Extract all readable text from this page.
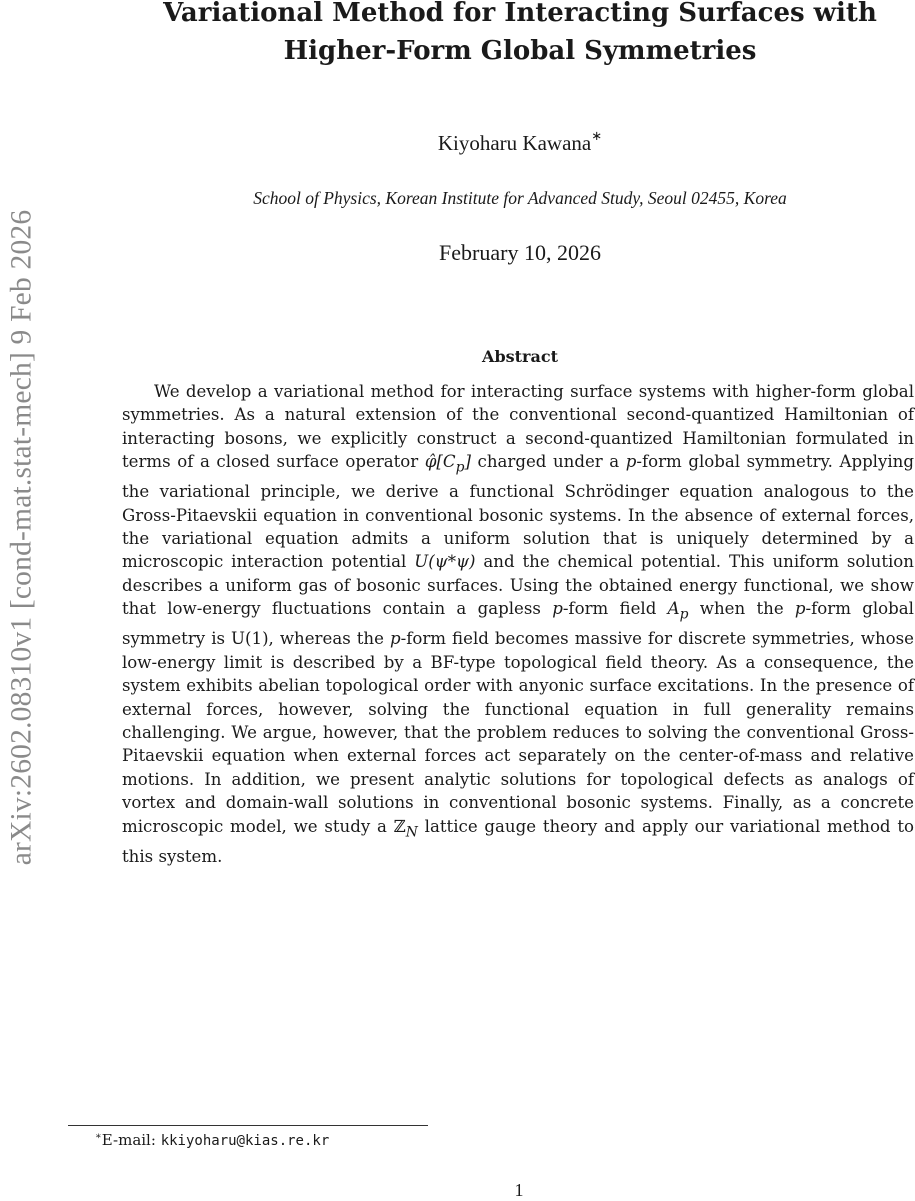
arXiv:2602.08310v1 [cond-mat.stat-mech] 9 Feb 2026
Variational Method for Interacting Surfaces with
Higher-Form Global Symmetries
Kiyoharu Kawana∗
School of Physics, Korean Institute for Advanced Study, Seoul 02455, Korea
February 10, 2026
Abstract

We develop a variational method for interacting surface systems with higher-form global symmetries. As a natural extension of the conventional second-quantized Hamiltonian of interacting bosons, we explicitly construct a second-quantized Hamiltonian formulated in terms of a closed surface operator $\varphî[C_p]$ charged under a p-form global symmetry. Applying the variational principle, we derive a functional Schrödinger equation analogous to the Gross-Pitaevskii equation in conventional bosonic systems. In the absence of external forces, the variational equation admits a uniform solution that is uniquely determined by a microscopic interaction potential U(ψ*ψ) and the chemical potential. This uniform solution describes a uniform gas of bosonic surfaces. Using the obtained energy functional, we show that low-energy fluctuations contain a gapless p-form field $A_p$ when the p-form global symmetry is U(1), whereas the p-form field becomes massive for discrete symmetries, whose low-energy limit is described by a BF-type topological field theory. As a consequence, the system exhibits abelian topological order with anyonic surface excitations. In the presence of external forces, however, solving the functional equation in full generality remains challenging. We argue, however, that the problem reduces to solving the conventional Gross-Pitaevskii equation when external forces act separately on the center-of-mass and relative motions. In addition, we present analytic solutions for topological defects as analogs of vortex and domain-wall solutions in conventional bosonic systems. Finally, as a concrete microscopic model, we study a ℤ$_N$ lattice gauge theory and apply our variational method to this system.

∗E-mail: kkiyoharu@kias.re.kr
1
